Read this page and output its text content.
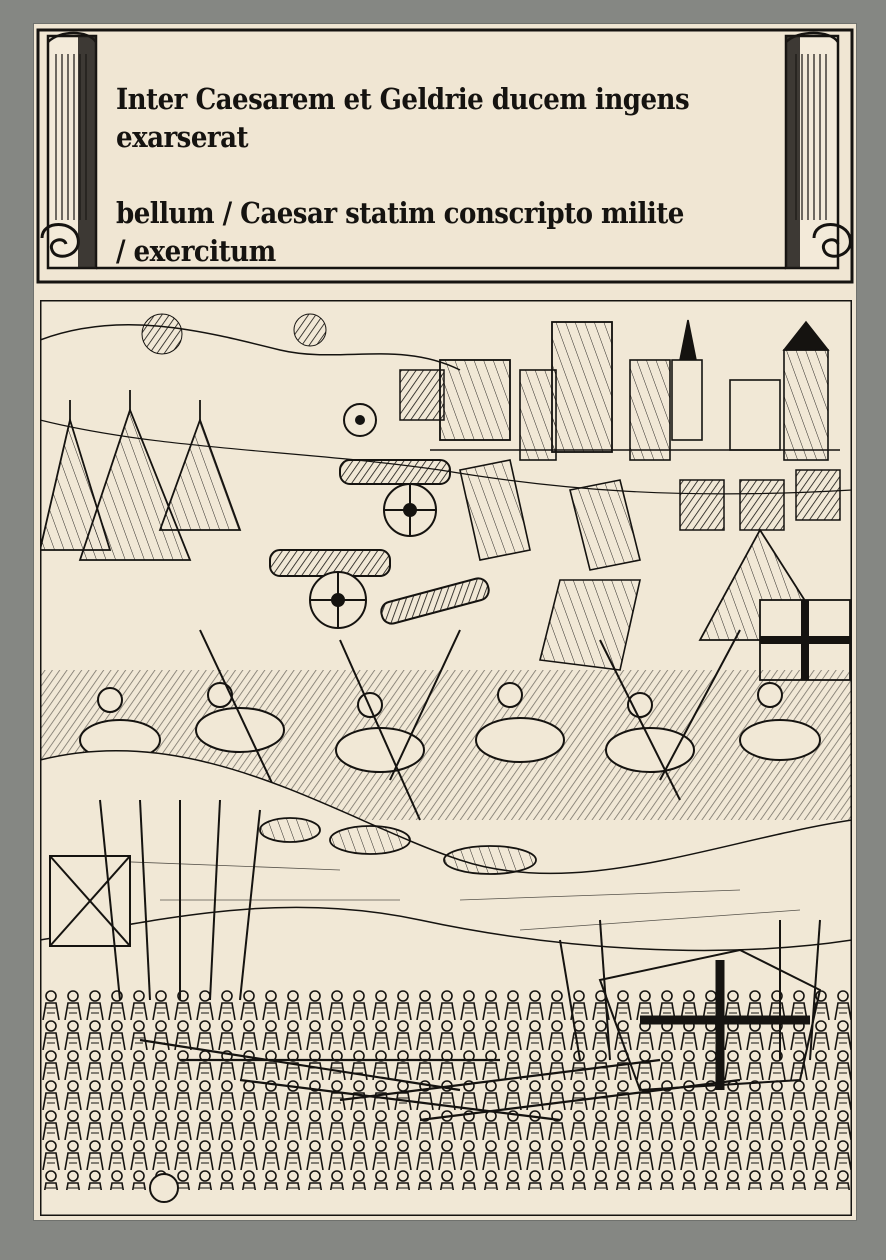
Inter Caesarem et Geldrie ducem ingens exarserat

bellum / Caesar statim conscripto milite / exercitum
